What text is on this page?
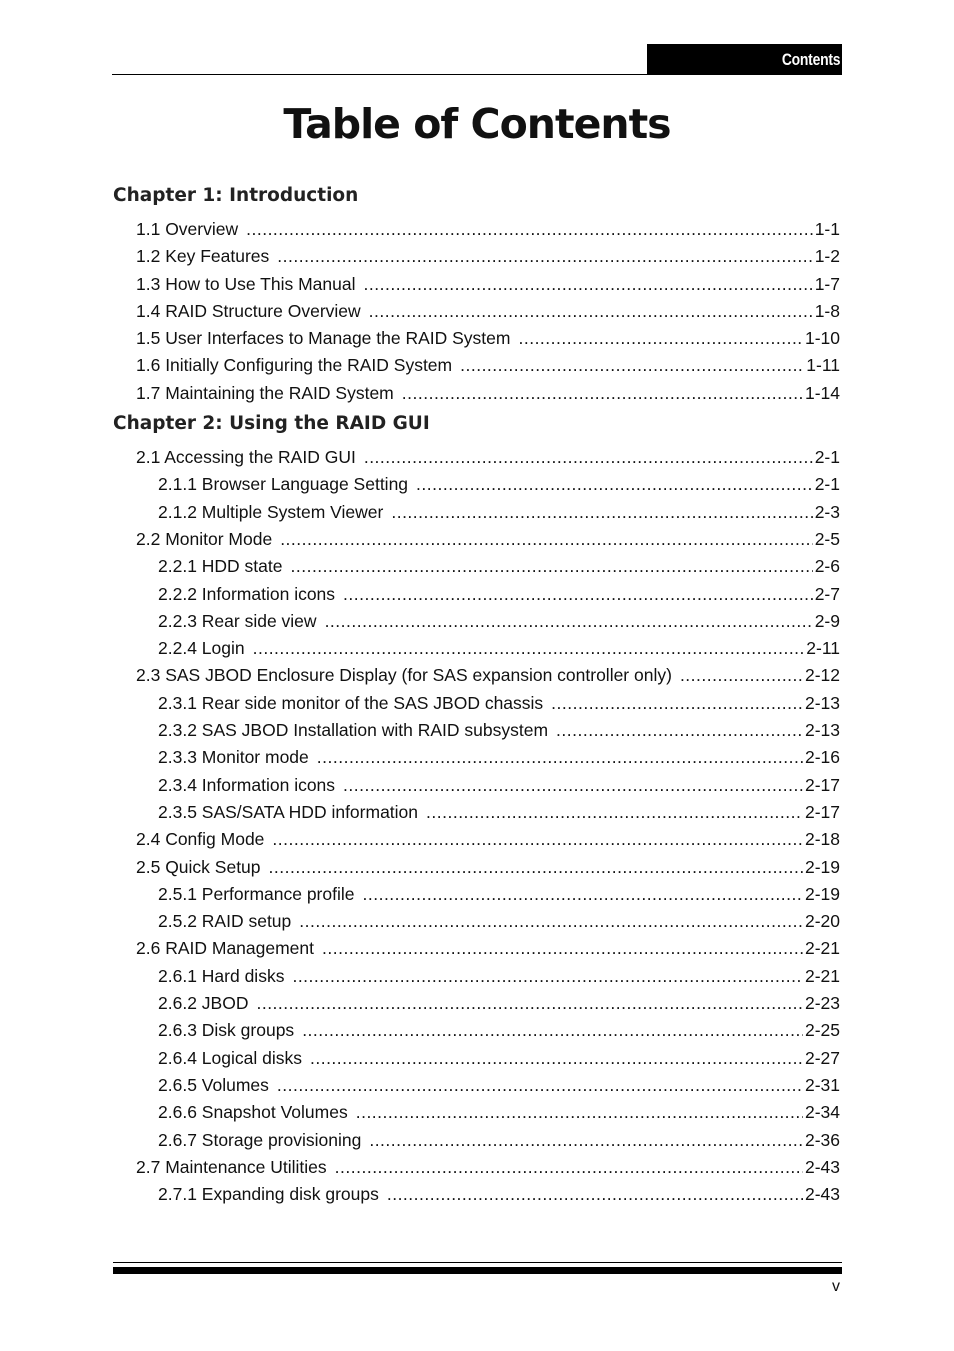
Contents
Table of Contents
Chapter 1: Introduction
1.1 Overview .....	1-1
1.2 Key Features .....	1-2
1.3 How to Use This Manual .....	1-7
1.4 RAID Structure Overview .....	1-8
1.5 User Interfaces to Manage the RAID System .....	1-10
1.6 Initially Configuring the RAID System .....	1-11
1.7 Maintaining the RAID System .....	1-14
Chapter 2: Using the RAID GUI
2.1 Accessing the RAID GUI .....	2-1
2.1.1 Browser Language Setting .....	2-1
2.1.2 Multiple System Viewer .....	2-3
2.2 Monitor Mode .....	2-5
2.2.1 HDD state .....	2-6
2.2.2 Information icons .....	2-7
2.2.3 Rear side view .....	2-9
2.2.4 Login .....	2-11
2.3 SAS JBOD Enclosure Display (for SAS expansion controller only) .....	2-12
2.3.1 Rear side monitor of the SAS JBOD chassis .....	2-13
2.3.2 SAS JBOD Installation with RAID subsystem .....	2-13
2.3.3 Monitor mode .....	2-16
2.3.4 Information icons .....	2-17
2.3.5 SAS/SATA HDD information .....	2-17
2.4 Config Mode .....	2-18
2.5 Quick Setup .....	2-19
2.5.1 Performance profile .....	2-19
2.5.2 RAID setup .....	2-20
2.6 RAID Management .....	2-21
2.6.1 Hard disks .....	2-21
2.6.2 JBOD .....	2-23
2.6.3 Disk groups .....	2-25
2.6.4 Logical disks .....	2-27
2.6.5 Volumes .....	2-31
2.6.6 Snapshot Volumes .....	2-34
2.6.7 Storage provisioning .....	2-36
2.7 Maintenance Utilities .....	2-43
2.7.1 Expanding disk groups .....	2-43
v
